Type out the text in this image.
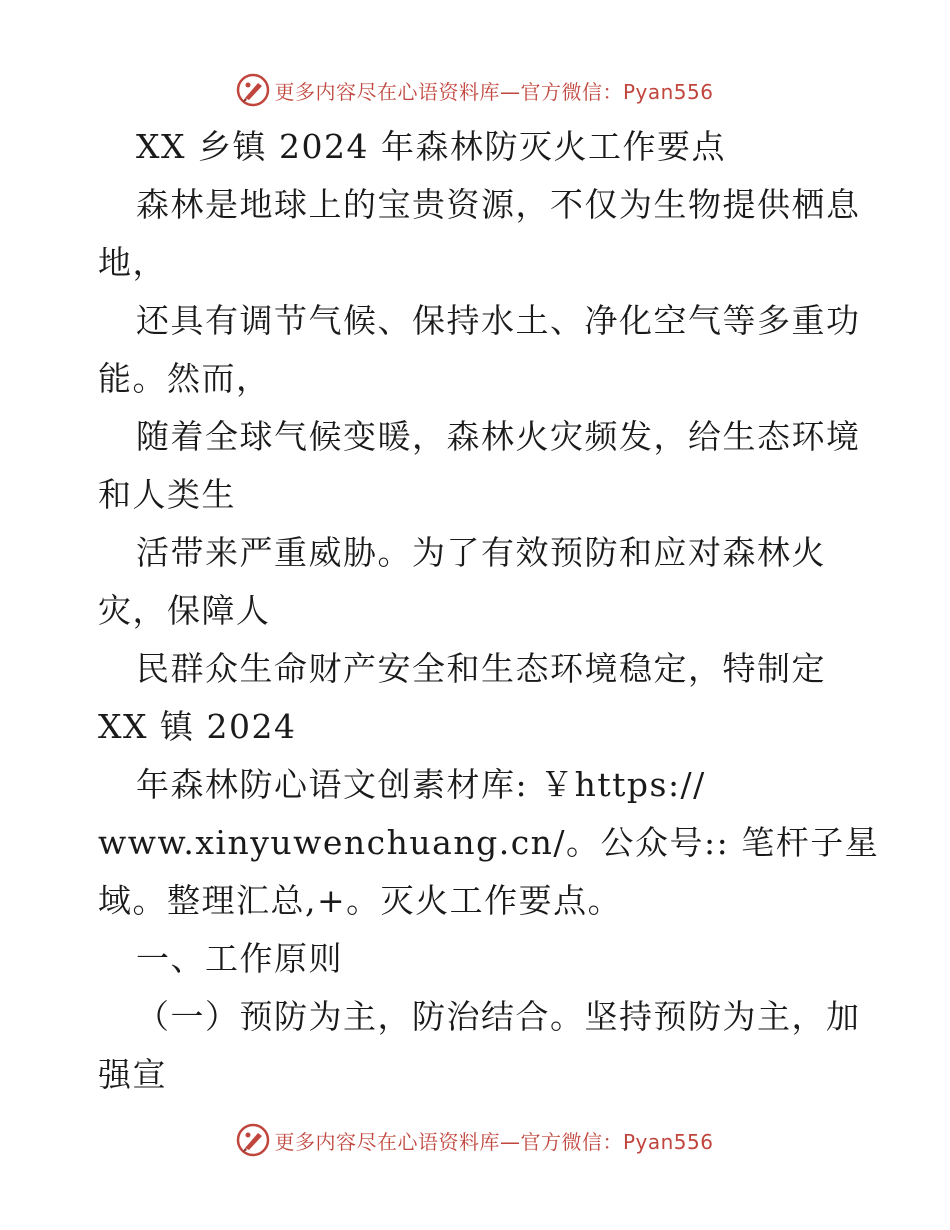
更多内容尽在心语资料库—官方微信：Pyan556
XX 乡镇 2024 年森林防灭火工作要点
森林是地球上的宝贵资源，不仅为生物提供栖息
地，
还具有调节气候、保持水土、净化空气等多重功
能。然而，
随着全球气候变暖，森林火灾频发，给生态环境
和人类生
活带来严重威胁。为了有效预防和应对森林火
灾，保障人
民群众生命财产安全和生态环境稳定，特制定
XX 镇 2024
年森林防心语文创素材库: ￥https://
www.xinyuwenchuang.cn/。公众号:: 笔杆子星
域。整理汇总,+。灭火工作要点。
一、工作原则
（一）预防为主，防治结合。坚持预防为主，加
强宣
更多内容尽在心语资料库—官方微信：Pyan556
